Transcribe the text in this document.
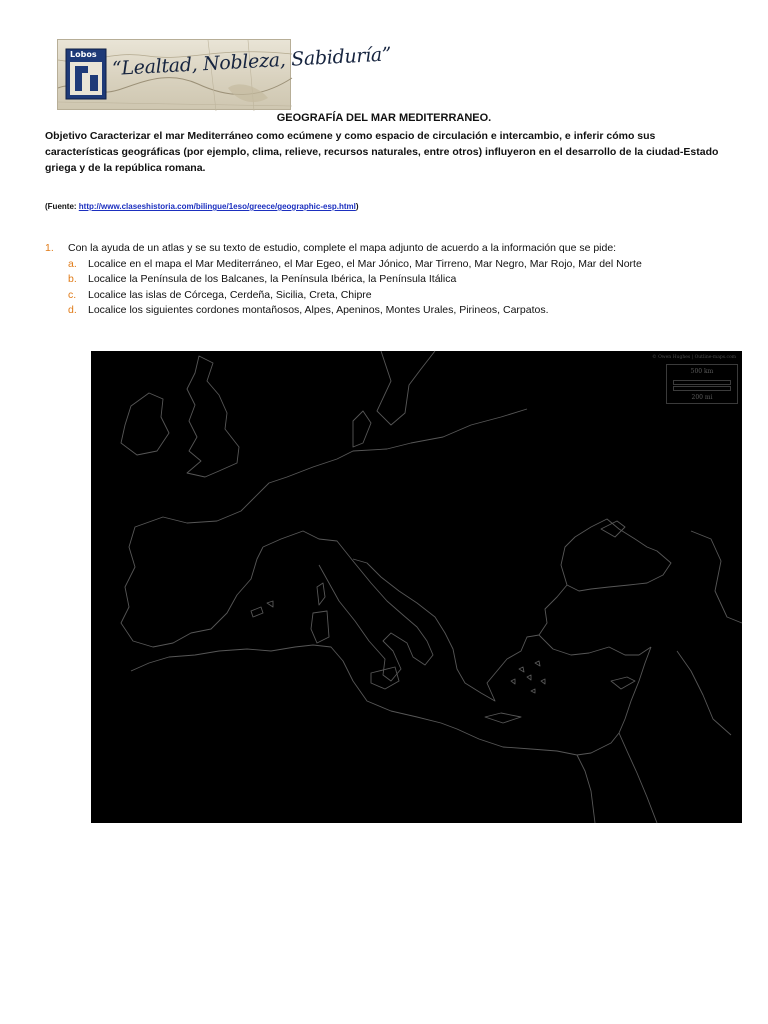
Lobos “Lealtad, Nobleza, Sabiduría”

GEOGRAFÍA DEL MAR MEDITERRANEO.

Objetivo Caracterizar el mar Mediterráneo como ecúmene y como espacio de circulación e intercambio, e inferir cómo sus características geográficas (por ejemplo, clima, relieve, recursos naturales, entre otros) influyeron en el desarrollo de la ciudad-Estado griega y de la república romana.

(Fuente: http://www.claseshistoria.com/bilingue/1eso/greece/geographic-esp.html)

1. Con la ayuda de un atlas y se su texto de estudio, complete el mapa adjunto de acuerdo a la información que se pide:
a. Localice en el mapa el Mar Mediterráneo, el Mar Egeo, el Mar Jónico, Mar Tirreno, Mar Negro, Mar Rojo, Mar del Norte
b. Localice la Península de los Balcanes, la Península Ibérica, la Península Itálica
c. Localice las islas de Córcega, Cerdeña, Sicilia, Creta, Chipre
d. Localice los siguientes cordones montañosos, Alpes, Apeninos, Montes Urales, Pirineos, Carpatos.
© Owen Hughes | Outline-maps.com
500 km
200 mi
